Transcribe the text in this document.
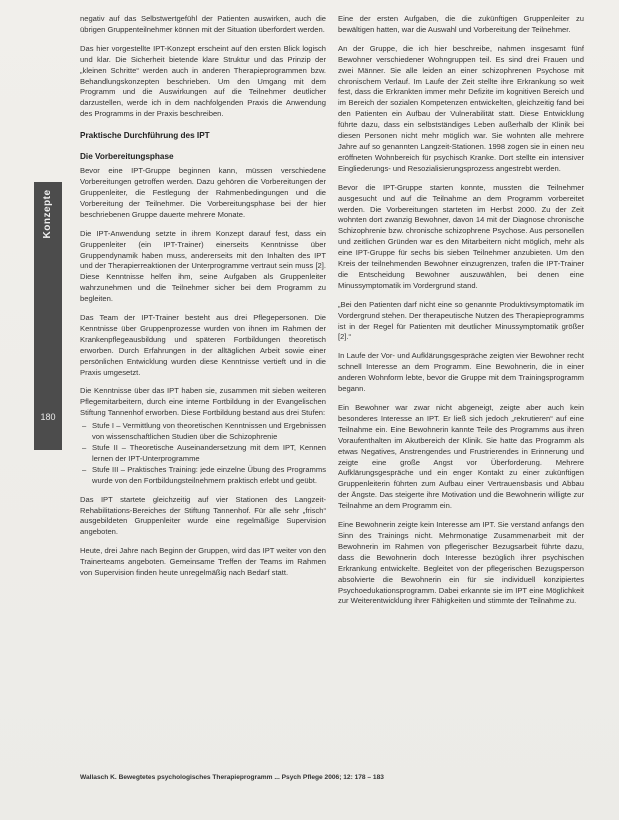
Konzepte
180

negativ auf das Selbstwertgefühl der Patienten auswirken, auch die übrigen Gruppenteilnehmer können mit der Situation überfordert werden.

Das hier vorgestellte IPT-Konzept erscheint auf den ersten Blick logisch und klar. Die Sicherheit bietende klare Struktur und das Prinzip der „kleinen Schritte“ werden auch in anderen Therapieprogrammen bzw. Behandlungskonzepten beschrieben. Um den Umgang mit dem Programm und die Auswirkungen auf die Teilnehmer deutlicher darzustellen, werde ich in dem nachfolgenden Praxis die Anwendung des Programms in der Praxis beschreiben.

Praktische Durchführung des IPT
Die Vorbereitungsphase

Bevor eine IPT-Gruppe beginnen kann, müssen verschiedene Vorbereitungen getroffen werden. Dazu gehören die Vorbereitungen der Gruppenleiter, die Festlegung der Rahmenbedingungen und die Vorbereitung der Teilnehmer. Die Vorbereitungsphase bei der hier beschriebenen Gruppe dauerte mehrere Monate.

Die IPT-Anwendung setzte in ihrem Konzept darauf fest, dass ein Gruppenleiter (ein IPT-Trainer) einerseits Kenntnisse über Gruppendynamik haben muss, andererseits mit den Inhalten des IPT und der Therapierreaktionen der Unterprogramme vertraut sein muss [2]. Diese Kenntnisse helfen ihm, seine Aufgaben als Gruppenleiter wahrzunehmen und die Teilnehmer sicher bei dem Programm zu begleiten.

Das Team der IPT-Trainer besteht aus drei Pflegepersonen. Die Kenntnisse über Gruppenprozesse wurden von ihnen im Rahmen der Krankenpflegeausbildung und späteren Fortbildungen theoretisch erworben. Durch Erfahrungen in der alltäglichen Arbeit sowie einer persönlichen Entwicklung wurden diese Kenntnisse vertieft und in die Praxis umgesetzt.

Die Kenntnisse über das IPT haben sie, zusammen mit sieben weiteren Pflegemitarbeitern, durch eine interne Fortbildung in der Evangelischen Stiftung Tannenhof erworben. Diese Fortbildung bestand aus drei Stufen:

– Stufe I – Vermittlung von theoretischen Kenntnissen und Ergebnissen von wissenschaftlichen Studien über die Schizophrenie
– Stufe II – Theoretische Auseinandersetzung mit dem IPT, Kennen lernen der IPT-Unterprogramme
– Stufe III – Praktisches Training: jede einzelne Übung des Programms wurde von den Fortbildungsteilnehmern praktisch erlebt und geübt.

Das IPT startete gleichzeitig auf vier Stationen des Langzeit-Rehabilitations-Bereiches der Stiftung Tannenhof. Für alle sehr „frisch“ ausgebildeten Gruppenleiter wurde eine regelmäßige Supervision angeboten.

Heute, drei Jahre nach Beginn der Gruppen, wird das IPT weiter von den Trainerteams angeboten. Gemeinsame Treffen der Teams im Rahmen von Supervision finden heute unregelmäßig nach Bedarf statt.

Eine der ersten Aufgaben, die die zukünftigen Gruppenleiter zu bewältigen hatten, war die Auswahl und Vorbereitung der Teilnehmer.

An der Gruppe, die ich hier beschreibe, nahmen insgesamt fünf Bewohner verschiedener Wohngruppen teil. Es sind drei Frauen und zwei Männer. Sie alle leiden an einer schizophrenen Psychose mit chronischem Verlauf. Im Laufe der Zeit stellte ihre Erkrankung so weit fest, dass die Erkrankten immer mehr Defizite im kognitiven Bereich und im Bereich der sozialen Kompetenzen entwickelten, gleichzeitig fand bei den Patienten ein Aufbau der Vulnerabilität statt. Diese Entwicklung führte dazu, dass ein selbstständiges Leben außerhalb der Klinik bei diesen Personen nicht mehr möglich war. Sie wohnten alle mehrere Jahre auf so genannten Langzeit-Stationen. 1998 zogen sie in einen neu eröffneten Wohnbereich für psychisch Kranke. Dort stellte ein intensiver Eingliederungs- und Resozialisierungsprozess angestrebt werden.

Bevor die IPT-Gruppe starten konnte, mussten die Teilnehmer ausgesucht und auf die Teilnahme an dem Programm vorbereitet werden. Die Vorbereitungen starteten im Herbst 2000. Zu der Zeit wohnten dort zwanzig Bewohner, davon 14 mit der Diagnose chronische Schizophrenie bzw. chronische schizophrene Psychose. Aus personellen und zeitlichen Gründen war es den Mitarbeitern nicht möglich, mehr als eine IPT-Gruppe für sechs bis sieben Teilnehmer anzubieten. Um den Kreis der teilnehmenden Bewohner einzugrenzen, trafen die IPT-Trainer die Entscheidung Bewohner auszuwählen, bei denen eine Minussymptomatik im Vordergrund stand.

„Bei den Patienten darf nicht eine so genannte Produktivsymptomatik im Vordergrund stehen. Der therapeutische Nutzen des Therapieprogramms ist in der Regel für Patienten mit deutlicher Minussymptomatik größer [2].“

In Laufe der Vor- und Aufklärungsgespräche zeigten vier Bewohner recht schnell Interesse an dem Programm. Eine Bewohnerin, die in einer anderen Wohnform lebte, bevor die Gruppe mit dem Trainingsprogramm begann.

Ein Bewohner war zwar nicht abgeneigt, zeigte aber auch kein besonderes Interesse an IPT. Er ließ sich jedoch „rekrutieren“ auf eine Teilnahme ein. Eine Bewohnerin kannte Teile des Programms aus ihren Voraufenthalten im Akutbereich der Klinik. Sie hatte das Programm als etwas Negatives, Anstrengendes und Frustrierendes in Erinnerung und zeigte eine große Angst vor Überforderung. Mehrere Aufklärungsgespräche und ein enger Kontakt zu einer zukünftigen Gruppenleiterin führten zum Aufbau einer Vertrauensbasis und Abbau der Ängste. Das steigerte ihre Motivation und die Bewohnerin willigte zur Teilnahme an dem Programm ein.

Eine Bewohnerin zeigte kein Interesse am IPT. Sie verstand anfangs den Sinn des Trainings nicht. Mehrmonatige Zusammenarbeit mit der Bewohnerin im Rahmen von pflegerischer Bezugsarbeit führte dazu, dass die Bewohnerin doch Interesse bezüglich ihrer psychischen Erkrankung entwickelte. Begleitet von der pflegerischen Bezugsperson absolvierte die Bewohnerin ein für sie individuell konzipiertes Psychoedukationsprogramm. Dabei erkannte sie im IPT eine Möglichkeit zur Weiterentwicklung ihrer Fähigkeiten und stimmte der Teilnahme zu.

Wallasch K. Bewegtetes psychologisches Therapieprogramm ... Psych Pflege 2006; 12: 178 – 183
